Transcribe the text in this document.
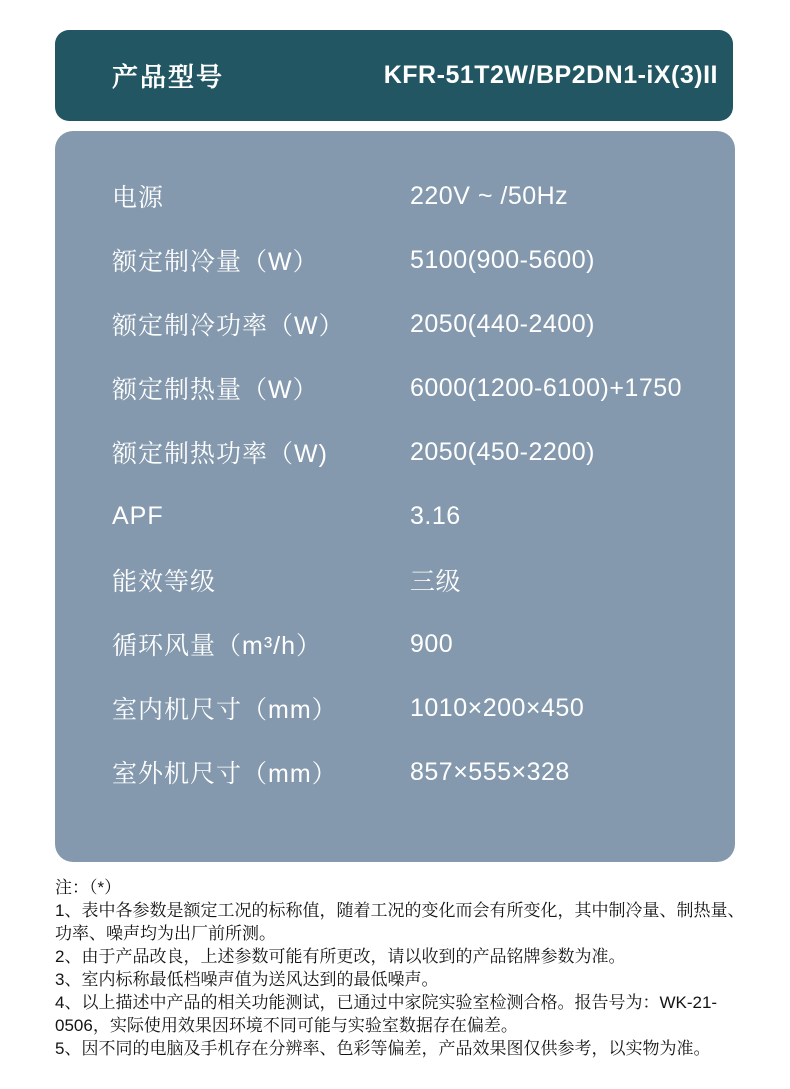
产品型号	KFR-51T2W/BP2DN1-iX(3)II
电源	220V ~ /50Hz
额定制冷量（W）	5100(900-5600)
额定制冷功率（W）	2050(440-2400)
额定制热量（W）	6000(1200-6100)+1750
额定制热功率（W)	2050(450-2200)
APF	3.16
能效等级	三级
循环风量（m³/h）	900
室内机尺寸（mm）	1010×200×450
室外机尺寸（mm）	857×555×328

注：（*）

1、表中各参数是额定工况的标称值，随着工况的变化而会有所变化，其中制冷量、制热量、功率、噪声均为出厂前所测。

2、由于产品改良，上述参数可能有所更改，请以收到的产品铭牌参数为准。

3、室内标称最低档噪声值为送风达到的最低噪声。

4、以上描述中产品的相关功能测试，已通过中家院实验室检测合格。报告号为：WK-21-0506，实际使用效果因环境不同可能与实验室数据存在偏差。

5、因不同的电脑及手机存在分辨率、色彩等偏差，产品效果图仅供参考，以实物为准。
